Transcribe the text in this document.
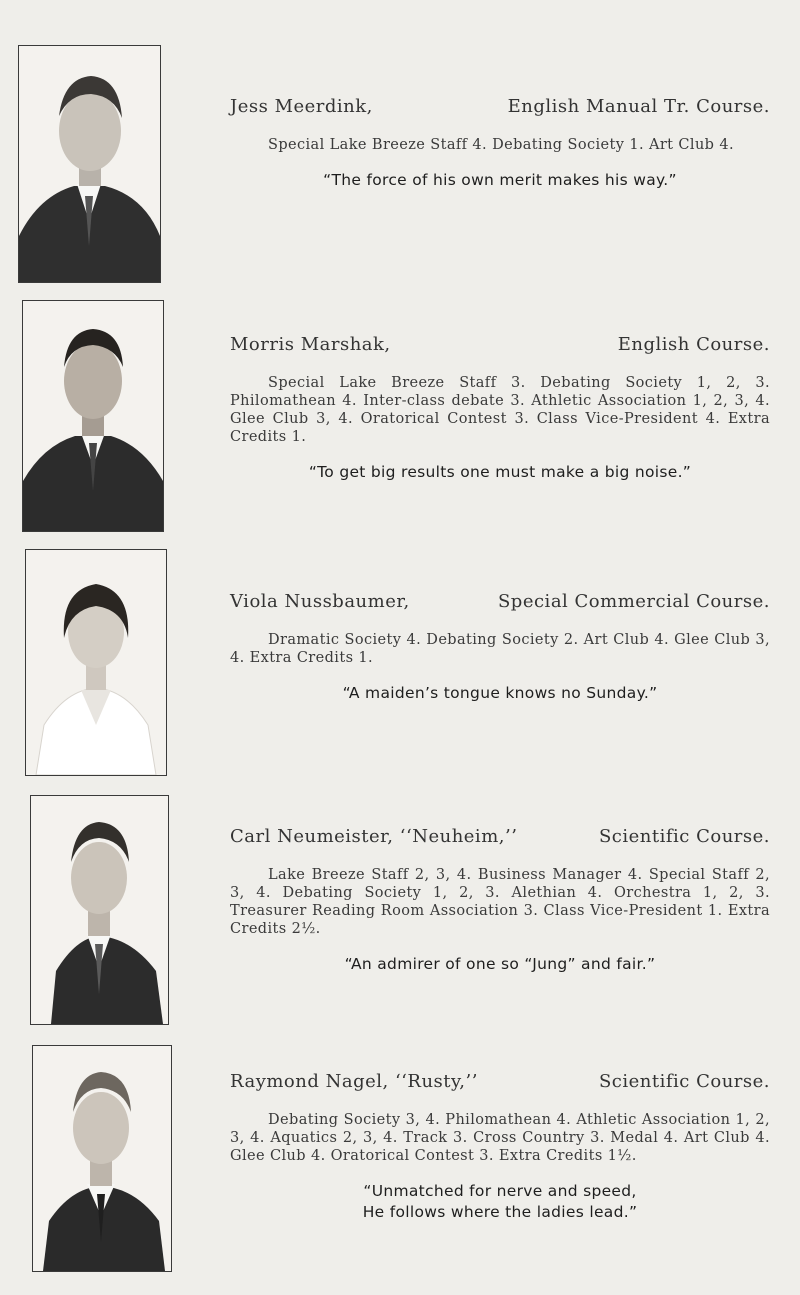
Jess Meerdink,	English Manual Tr. Course.
Special Lake Breeze Staff 4. Debating Society 1. Art Club 4.
“The force of his own merit makes his way.”
Morris Marshak,	English Course.
Special Lake Breeze Staff 3. Debating Society 1, 2, 3. Philomathean 4. Inter-class debate 3. Athletic Association 1, 2, 3, 4. Glee Club 3, 4. Oratorical Contest 3. Class Vice-President 4. Extra Credits 1.
“To get big results one must make a big noise.”
Viola Nussbaumer,	Special Commercial Course.
Dramatic Society 4. Debating Society 2. Art Club 4. Glee Club 3, 4. Extra Credits 1.
“A maiden’s tongue knows no Sunday.”
Carl Neumeister, ‘‘Neuheim,’’	Scientific Course.
Lake Breeze Staff 2, 3, 4. Business Manager 4. Special Staff 2, 3, 4. Debating Society 1, 2, 3. Alethian 4. Orchestra 1, 2, 3. Treasurer Reading Room Association 3. Class Vice-President 1. Extra Credits 2½.
“An admirer of one so “Jung” and fair.”
Raymond Nagel, ‘‘Rusty,’’	Scientific Course.
Debating Society 3, 4. Philomathean 4. Athletic Association 1, 2, 3, 4. Aquatics 2, 3, 4. Track 3. Cross Country 3. Medal 4. Art Club 4. Glee Club 4. Oratorical Contest 3. Extra Credits 1½.
“Unmatched for nerve and speed,
He follows where the ladies lead.”
